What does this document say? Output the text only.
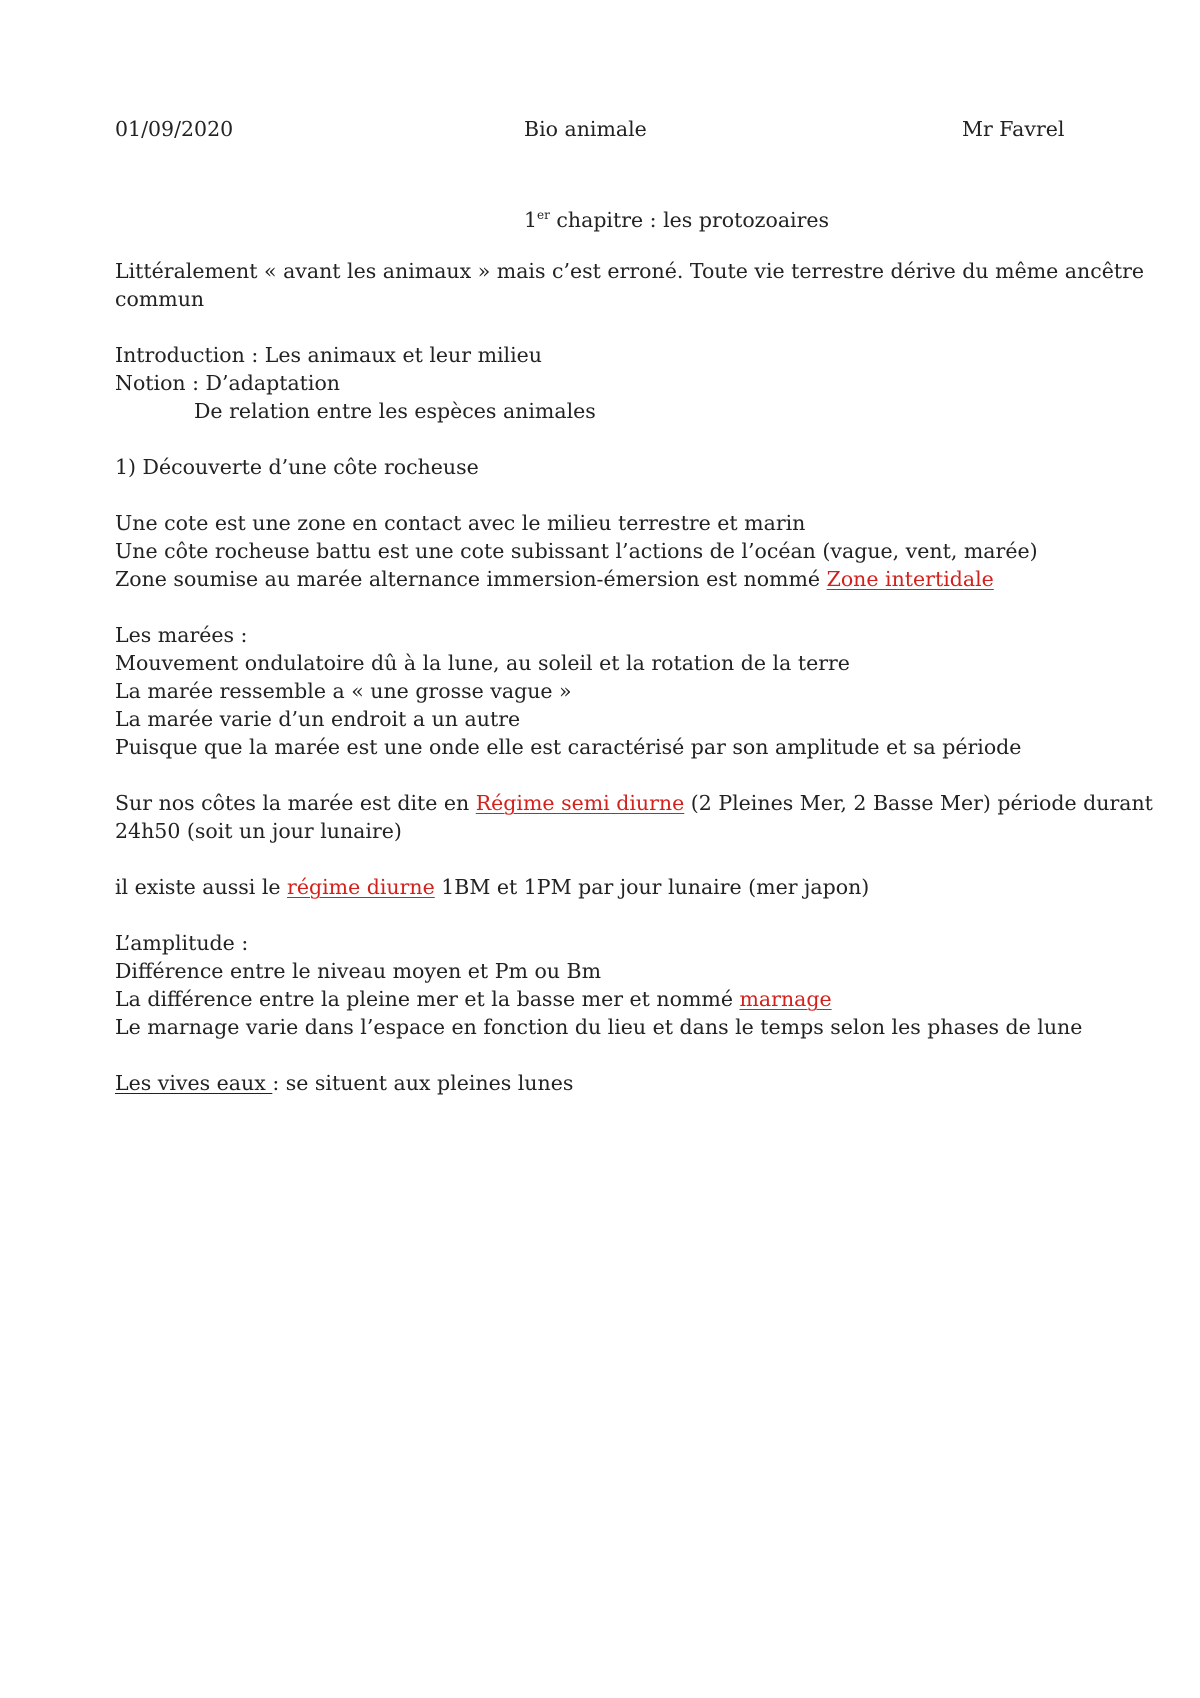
01/09/2020	Bio animale	Mr Favrel
1er chapitre : les protozoaires
Littéralement « avant les animaux » mais c’est erroné. Toute vie terrestre dérive du même ancêtre
commun
Introduction : Les animaux et leur milieu
Notion : D’adaptation
De relation entre les espèces animales
1) Découverte d’une côte rocheuse
Une cote est une zone en contact avec le milieu terrestre et marin
Une côte rocheuse battu est une cote subissant l’actions de l’océan (vague, vent, marée)
Zone soumise au marée alternance immersion-émersion est nommé Zone intertidale
Les marées :
Mouvement ondulatoire dû à la lune, au soleil et la rotation de la terre
La marée ressemble a « une grosse vague »
La marée varie d’un endroit a un autre
Puisque que la marée est une onde elle est caractérisé par son amplitude et sa période
Sur nos côtes la marée est dite en Régime semi diurne (2 Pleines Mer, 2 Basse Mer) période durant
24h50 (soit un jour lunaire)
il existe aussi le régime diurne 1BM et 1PM par jour lunaire (mer japon)
L’amplitude :
Différence entre le niveau moyen et Pm ou Bm
La différence entre la pleine mer et la basse mer et nommé marnage
Le marnage varie dans l’espace en fonction du lieu et dans le temps selon les phases de lune
Les vives eaux : se situent aux pleines lunes
